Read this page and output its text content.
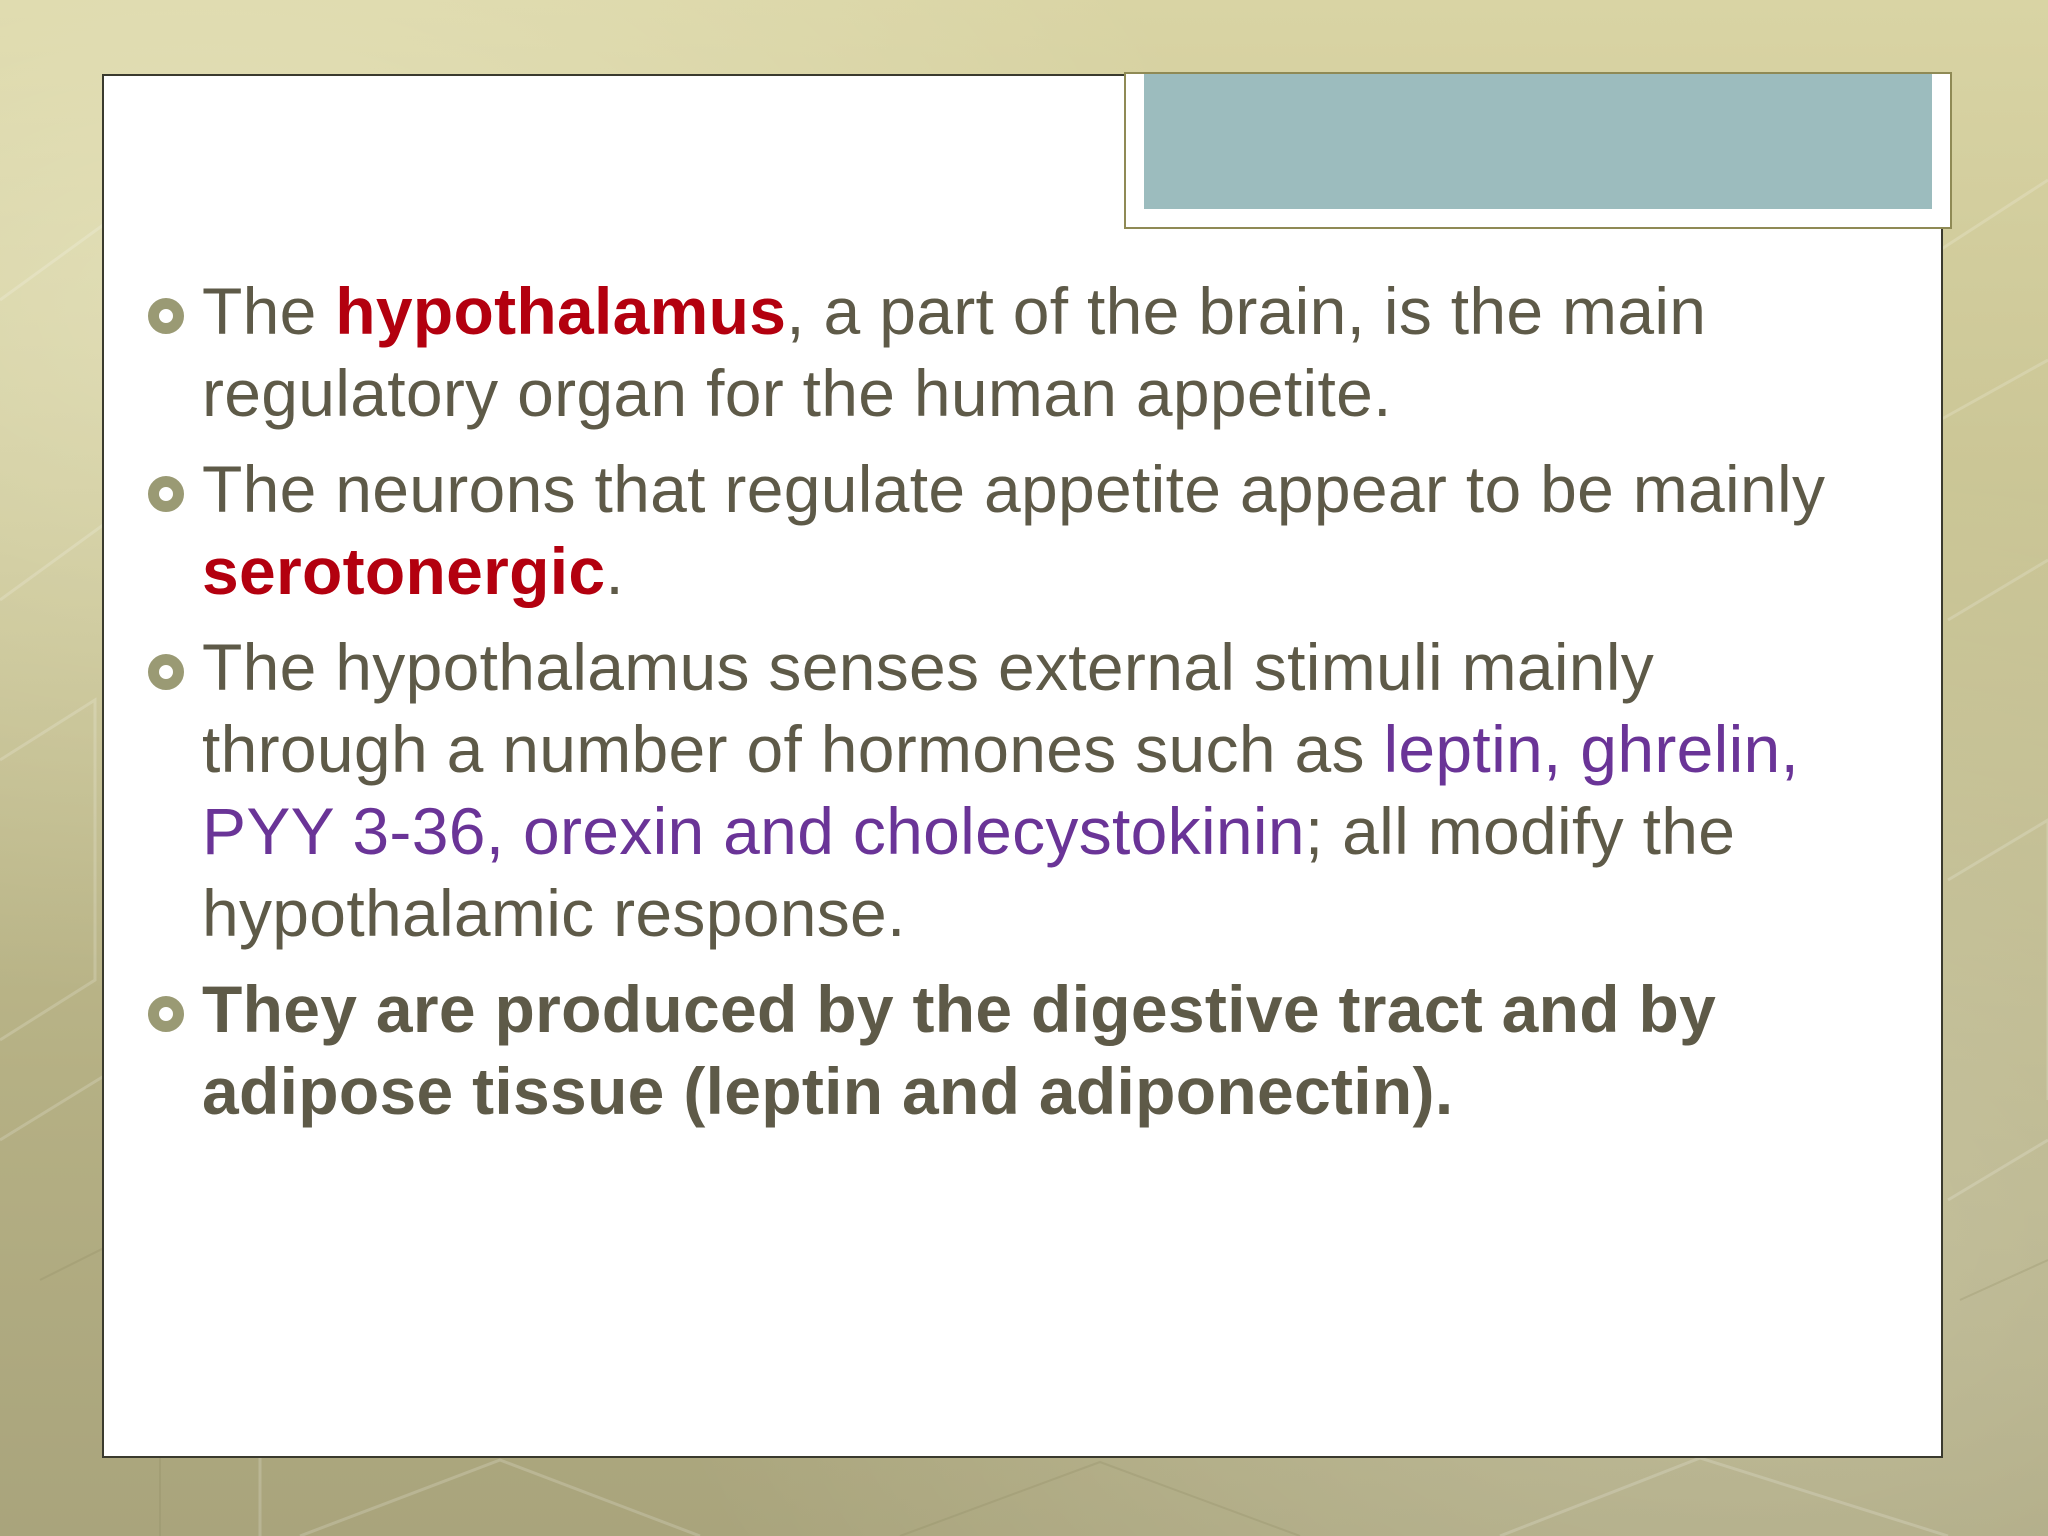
The hypothalamus, a part of the brain, is the main regulatory organ for the human appetite.
The neurons that regulate appetite appear to be mainly serotonergic.
The hypothalamus senses external stimuli mainly through a number of hormones such as leptin, ghrelin, PYY 3-36, orexin and cholecystokinin; all modify the hypothalamic response.
They are produced by the digestive tract and by adipose tissue (leptin and adiponectin).
